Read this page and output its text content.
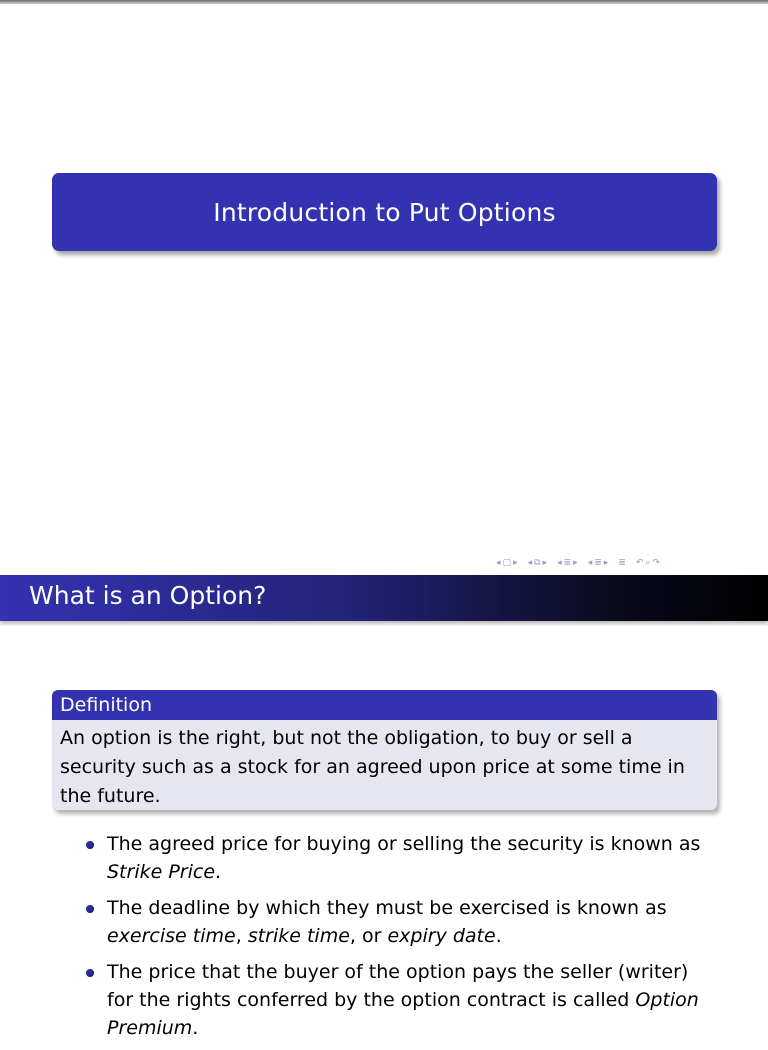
Introduction to Put Options
◂ ▢ ▸ ◂ ⧉ ▸ ◂ ≣ ▸ ◂ ≣ ▸ ≣ ↶ ⌕ ↷
What is an Option?
Definition
An option is the right, but not the obligation, to buy or sell a security such as a stock for an agreed upon price at some time in the future.
The agreed price for buying or selling the security is known as Strike Price.
The deadline by which they must be exercised is known as exercise time, strike time, or expiry date.
The price that the buyer of the option pays the seller (writer) for the rights conferred by the option contract is called Option Premium.
